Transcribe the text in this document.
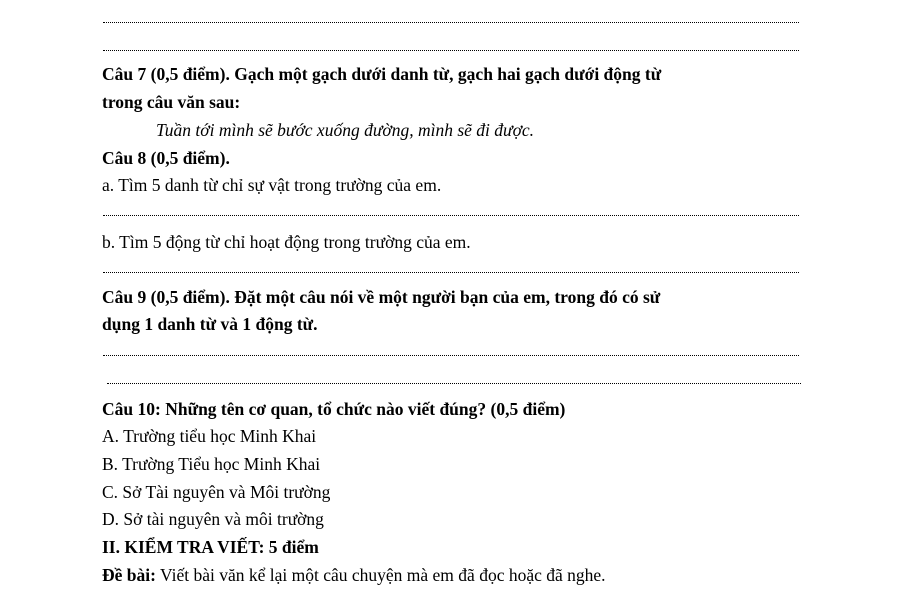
Câu 7 (0,5 điểm). Gạch một gạch dưới danh từ, gạch hai gạch dưới động từ
trong câu văn sau:
Tuần tới mình sẽ bước xuống đường, mình sẽ đi được.
Câu 8 (0,5 điểm).
a. Tìm 5 danh từ chỉ sự vật trong trường của em.
b. Tìm 5 động từ chỉ hoạt động trong trường của em.
Câu 9 (0,5 điểm). Đặt một câu nói về một người bạn của em, trong đó có sử
dụng 1 danh từ và 1 động từ.
Câu 10: Những tên cơ quan, tổ chức nào viết đúng? (0,5 điểm)
A. Trường tiểu học Minh Khai
B. Trường Tiểu học Minh Khai
C. Sở Tài nguyên và Môi trường
D. Sở tài nguyên và môi trường
II. KIỂM TRA VIẾT: 5 điểm
Đề bài: Viết bài văn kể lại một câu chuyện mà em đã đọc hoặc đã nghe.
